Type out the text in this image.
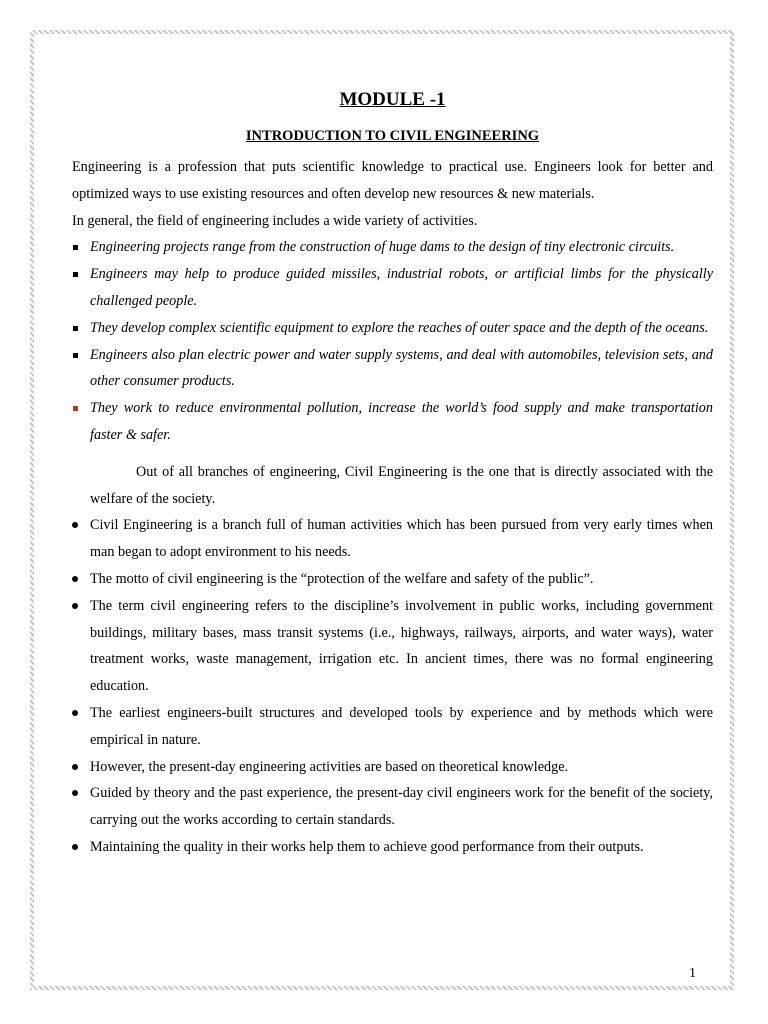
MODULE -1
INTRODUCTION TO CIVIL ENGINEERING

Engineering is a profession that puts scientific knowledge to practical use. Engineers look for better and optimized ways to use existing resources and often develop new resources & new materials.

In general, the field of engineering includes a wide variety of activities.

Engineering projects range from the construction of huge dams to the design of tiny electronic circuits.
Engineers may help to produce guided missiles, industrial robots, or artificial limbs for the physically challenged people.
They develop complex scientific equipment to explore the reaches of outer space and the depth of the oceans.
Engineers also plan electric power and water supply systems, and deal with automobiles, television sets, and other consumer products.
They work to reduce environmental pollution, increase the world’s food supply and make transportation faster & safer.

Out of all branches of engineering, Civil Engineering is the one that is directly associated with the welfare of the society.

Civil Engineering is a branch full of human activities which has been pursued from very early times when man began to adopt environment to his needs.
The motto of civil engineering is the “protection of the welfare and safety of the public”.
The term civil engineering refers to the discipline’s involvement in public works, including government buildings, military bases, mass transit systems (i.e., highways, railways, airports, and water ways), water treatment works, waste management, irrigation etc. In ancient times, there was no formal engineering education.
The earliest engineers-built structures and developed tools by experience and by methods which were empirical in nature.
However, the present-day engineering activities are based on theoretical knowledge.
Guided by theory and the past experience, the present-day civil engineers work for the benefit of the society, carrying out the works according to certain standards.
Maintaining the quality in their works help them to achieve good performance from their outputs.
1
